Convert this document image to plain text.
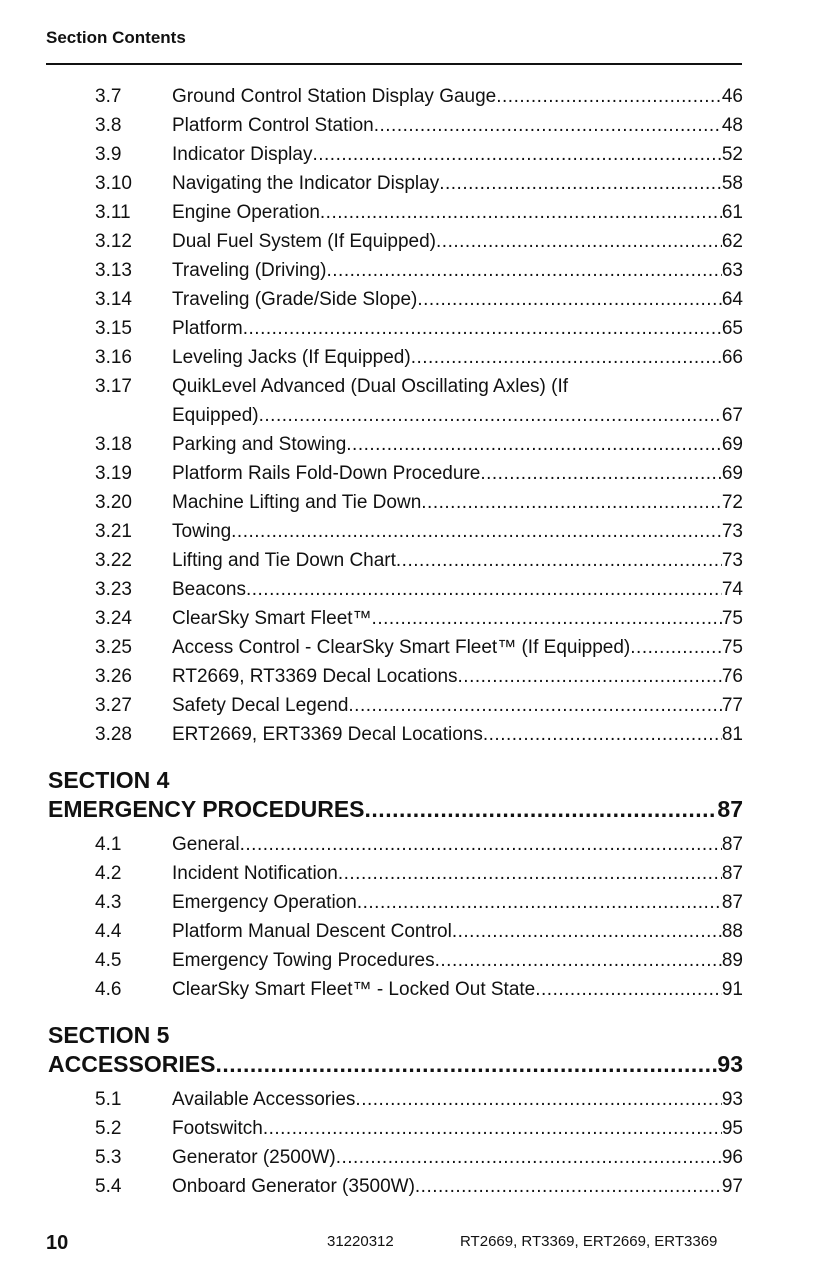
Section Contents
3.7	Ground Control Station Display Gauge .....	46
3.8	Platform Control Station .....	48
3.9	Indicator Display .....	52
3.10 Navigating the Indicator Display .....	58
3.11 Engine Operation .....	61
3.12 Dual Fuel System (If Equipped) .....	62
3.13 Traveling (Driving) .....	63
3.14 Traveling (Grade/Side Slope) .....	64
3.15 Platform .....	65
3.16 Leveling Jacks (If Equipped) .....	66
3.17 QuikLevel Advanced (Dual Oscillating Axles) (If
Equipped) .....	67
3.18 Parking and Stowing .....	69
3.19 Platform Rails Fold-Down Procedure .....	69
3.20 Machine Lifting and Tie Down .....	72
3.21 Towing .....	73
3.22 Lifting and Tie Down Chart .....	73
3.23 Beacons .....	74
3.24 ClearSky Smart Fleet™ .....	75
3.25 Access Control - ClearSky Smart Fleet™ (If Equipped) .....	75
3.26 RT2669, RT3369 Decal Locations .....	76
3.27 Safety Decal Legend .....	77
3.28 ERT2669, ERT3369 Decal Locations .....	81
SECTION 4
EMERGENCY PROCEDURES .....	87
4.1	General .....	87
4.2	Incident Notification .....	87
4.3	Emergency Operation .....	87
4.4	Platform Manual Descent Control .....	88
4.5	Emergency Towing Procedures .....	89
4.6	ClearSky Smart Fleet™ - Locked Out State .....	91
SECTION 5
ACCESSORIES .....	93
5.1	Available Accessories .....	93
5.2	Footswitch .....	95
5.3	Generator (2500W) .....	96
5.4	Onboard Generator (3500W) .....	97
10	31220312	RT2669, RT3369, ERT2669, ERT3369
